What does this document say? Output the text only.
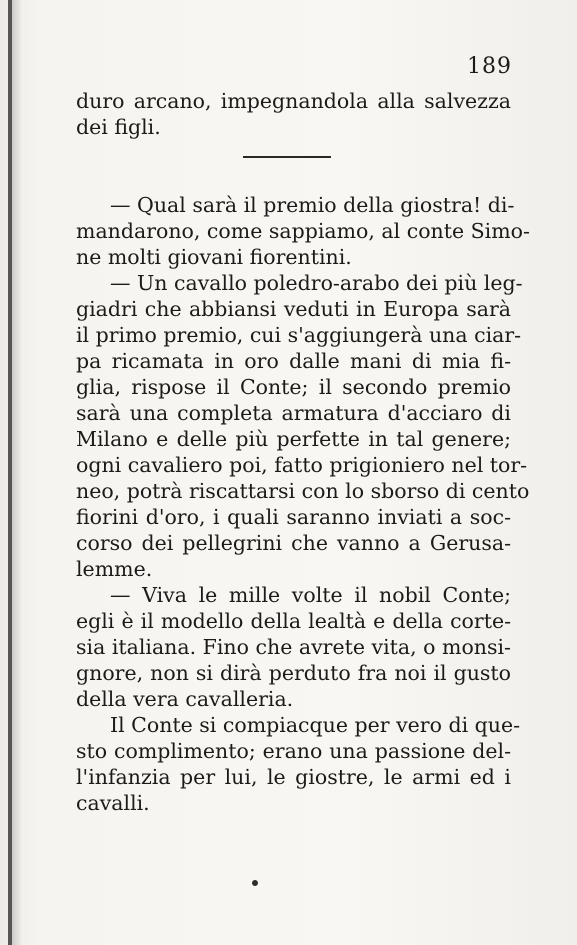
189
duro arcano, impegnandola alla salvezza
dei figli.
— Qual sarà il premio della giostra! di-
mandarono, come sappiamo, al conte Simo-
ne molti giovani fiorentini.
— Un cavallo poledro-arabo dei più leg-
giadri che abbiansi veduti in Europa sarà
il primo premio, cui s'aggiungerà una ciar-
pa ricamata in oro dalle mani di mia fi-
glia, rispose il Conte; il secondo premio
sarà una completa armatura d'acciaro di
Milano e delle più perfette in tal genere;
ogni cavaliero poi, fatto prigioniero nel tor-
neo, potrà riscattarsi con lo sborso di cento
fiorini d'oro, i quali saranno inviati a soc-
corso dei pellegrini che vanno a Gerusa-
lemme.
— Viva le mille volte il nobil Conte;
egli è il modello della lealtà e della corte-
sia italiana. Fino che avrete vita, o monsi-
gnore, non si dirà perduto fra noi il gusto
della vera cavalleria.
Il Conte si compiacque per vero di que-
sto complimento; erano una passione del-
l'infanzia per lui, le giostre, le armi ed i
cavalli.
